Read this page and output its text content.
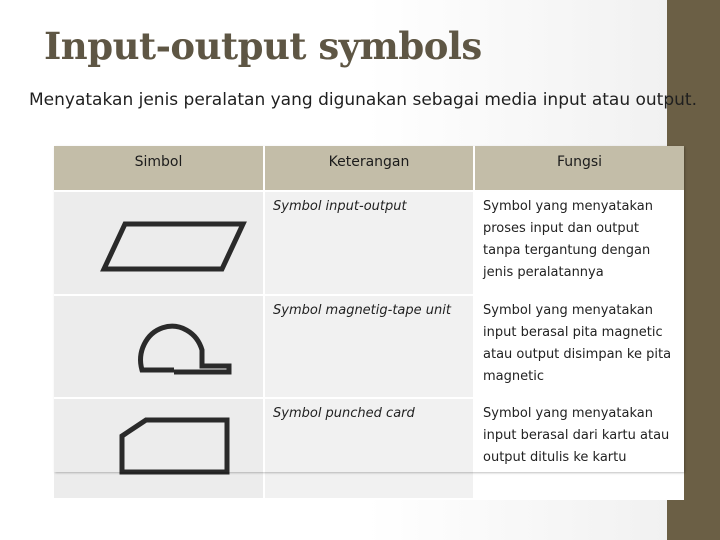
Input-output symbols
Menyatakan jenis peralatan yang digunakan sebagai media input atau output.
Simbol	Keterangan	Fungsi
	Symbol input-output	Symbol yang menyatakan proses input dan output tanpa tergantung dengan jenis peralatannya
	Symbol magnetig-tape unit	Symbol yang menyatakan input berasal pita magnetic atau output disimpan ke pita magnetic
	Symbol punched card	Symbol yang menyatakan input berasal dari kartu atau output ditulis ke kartu
